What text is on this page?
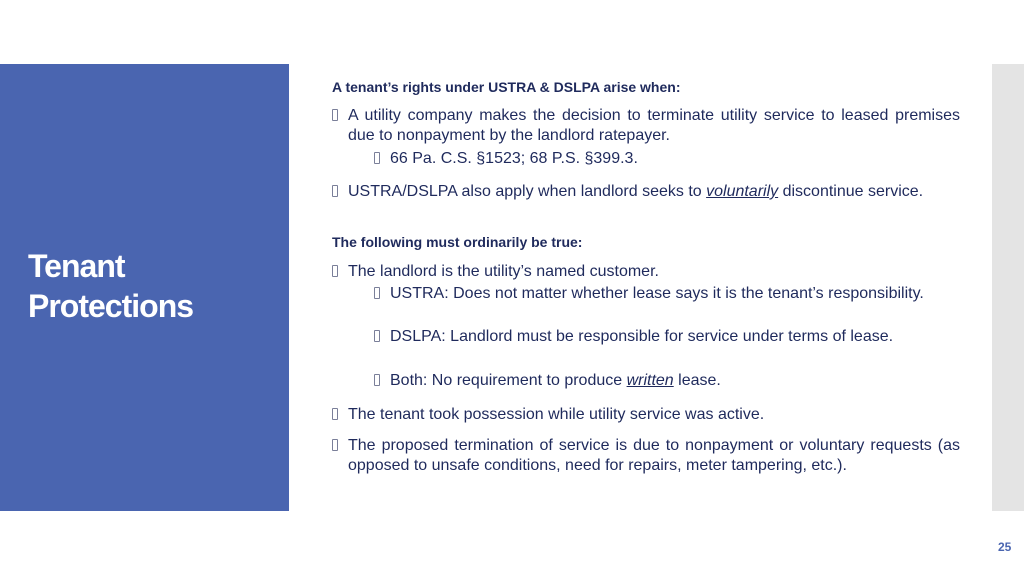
Tenant
Protections

A tenant’s rights under USTRA & DSLPA arise when:

A utility company makes the decision to terminate utility service to leased premises due to nonpayment by the landlord ratepayer.
66 Pa. C.S. §1523; 68 P.S. §399.3.
USTRA/DSLPA also apply when landlord seeks to voluntarily discontinue service.

The following must ordinarily be true:

The landlord is the utility’s named customer.
USTRA: Does not matter whether lease says it is the tenant’s responsibility.
DSLPA: Landlord must be responsible for service under terms of lease.
Both: No requirement to produce written lease.
The tenant took possession while utility service was active.
The proposed termination of service is due to nonpayment or voluntary requests (as opposed to unsafe conditions, need for repairs, meter tampering, etc.).
25
